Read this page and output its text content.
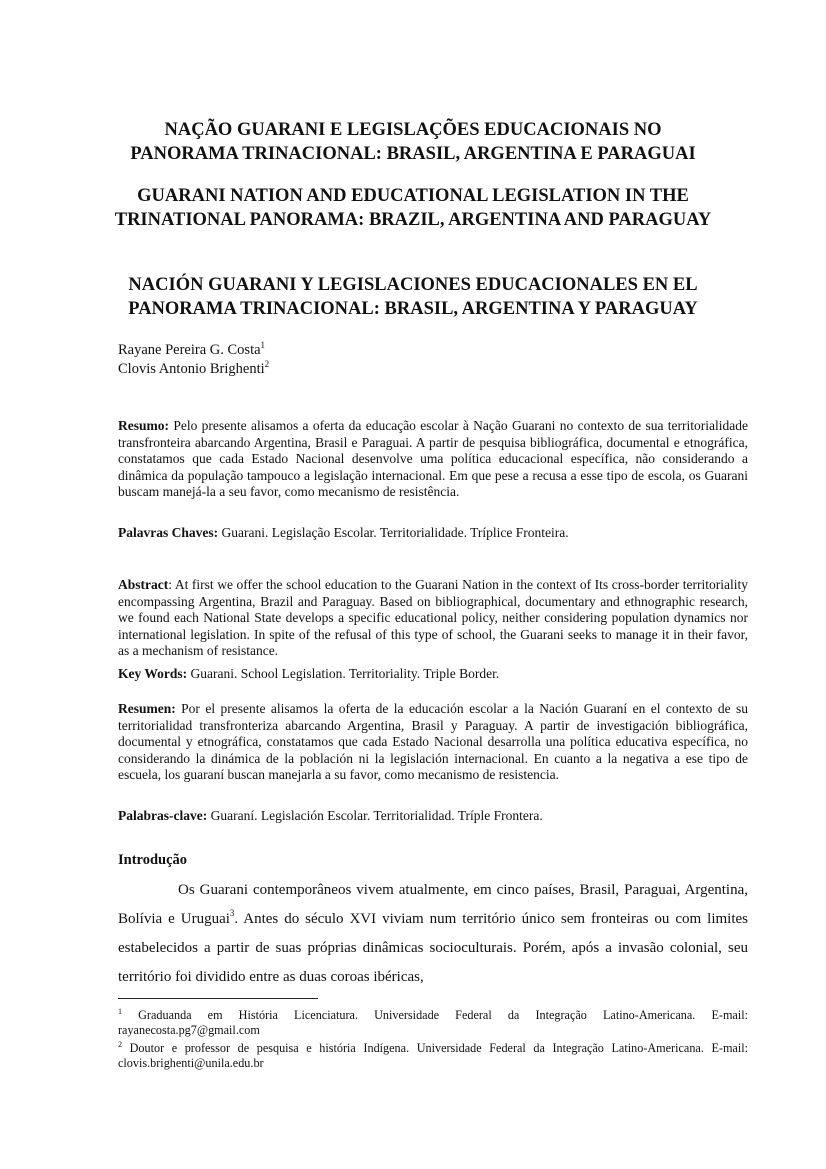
NAÇÃO GUARANI E LEGISLAÇÕES EDUCACIONAIS NO PANORAMA TRINACIONAL: BRASIL, ARGENTINA E PARAGUAI
GUARANI NATION AND EDUCATIONAL LEGISLATION IN THE TRINATIONAL PANORAMA: BRAZIL, ARGENTINA AND PARAGUAY
NACIÓN GUARANI Y LEGISLACIONES EDUCACIONALES EN EL PANORAMA TRINACIONAL: BRASIL, ARGENTINA Y PARAGUAY
Rayane Pereira G. Costa$^1$
Clovis Antonio Brighenti$^2$

Resumo: Pelo presente alisamos a oferta da educação escolar à Nação Guarani no contexto de sua territorialidade transfronteira abarcando Argentina, Brasil e Paraguai. A partir de pesquisa bibliográfica, documental e etnográfica, constatamos que cada Estado Nacional desenvolve uma política educacional específica, não considerando a dinâmica da população tampouco a legislação internacional. Em que pese a recusa a esse tipo de escola, os Guarani buscam manejá-la a seu favor, como mecanismo de resistência.

Palavras Chaves: Guarani. Legislação Escolar. Territorialidade. Tríplice Fronteira.

Abstract: At first we offer the school education to the Guarani Nation in the context of Its cross-border territoriality encompassing Argentina, Brazil and Paraguay. Based on bibliographical, documentary and ethnographic research, we found each National State develops a specific educational policy, neither considering population dynamics nor international legislation. In spite of the refusal of this type of school, the Guarani seeks to manage it in their favor, as a mechanism of resistance.

Key Words: Guarani. School Legislation. Territoriality. Triple Border.

Resumen: Por el presente alisamos la oferta de la educación escolar a la Nación Guaraní en el contexto de su territorialidad transfronteriza abarcando Argentina, Brasil y Paraguay. A partir de investigación bibliográfica, documental y etnográfica, constatamos que cada Estado Nacional desarrolla una política educativa específica, no considerando la dinámica de la población ni la legislación internacional. En cuanto a la negativa a ese tipo de escuela, los guaraní buscan manejarla a su favor, como mecanismo de resistencia.

Palabras-clave: Guaraní. Legislación Escolar. Territorialidad. Tríple Frontera.

Introdução

Os Guarani contemporâneos vivem atualmente, em cinco países, Brasil, Paraguai, Argentina, Bolívia e Uruguai$^3$. Antes do século XVI viviam num território único sem fronteiras ou com limites estabelecidos a partir de suas próprias dinâmicas socioculturais. Porém, após a invasão colonial, seu território foi dividido entre as duas coroas ibéricas,

$^1$ Graduanda em História Licenciatura. Universidade Federal da Integração Latino-Americana. E-mail: rayanecosta.pg7@gmail.com

$^2$ Doutor e professor de pesquisa e história Indígena. Universidade Federal da Integração Latino-Americana. E-mail: clovis.brighenti@unila.edu.br
